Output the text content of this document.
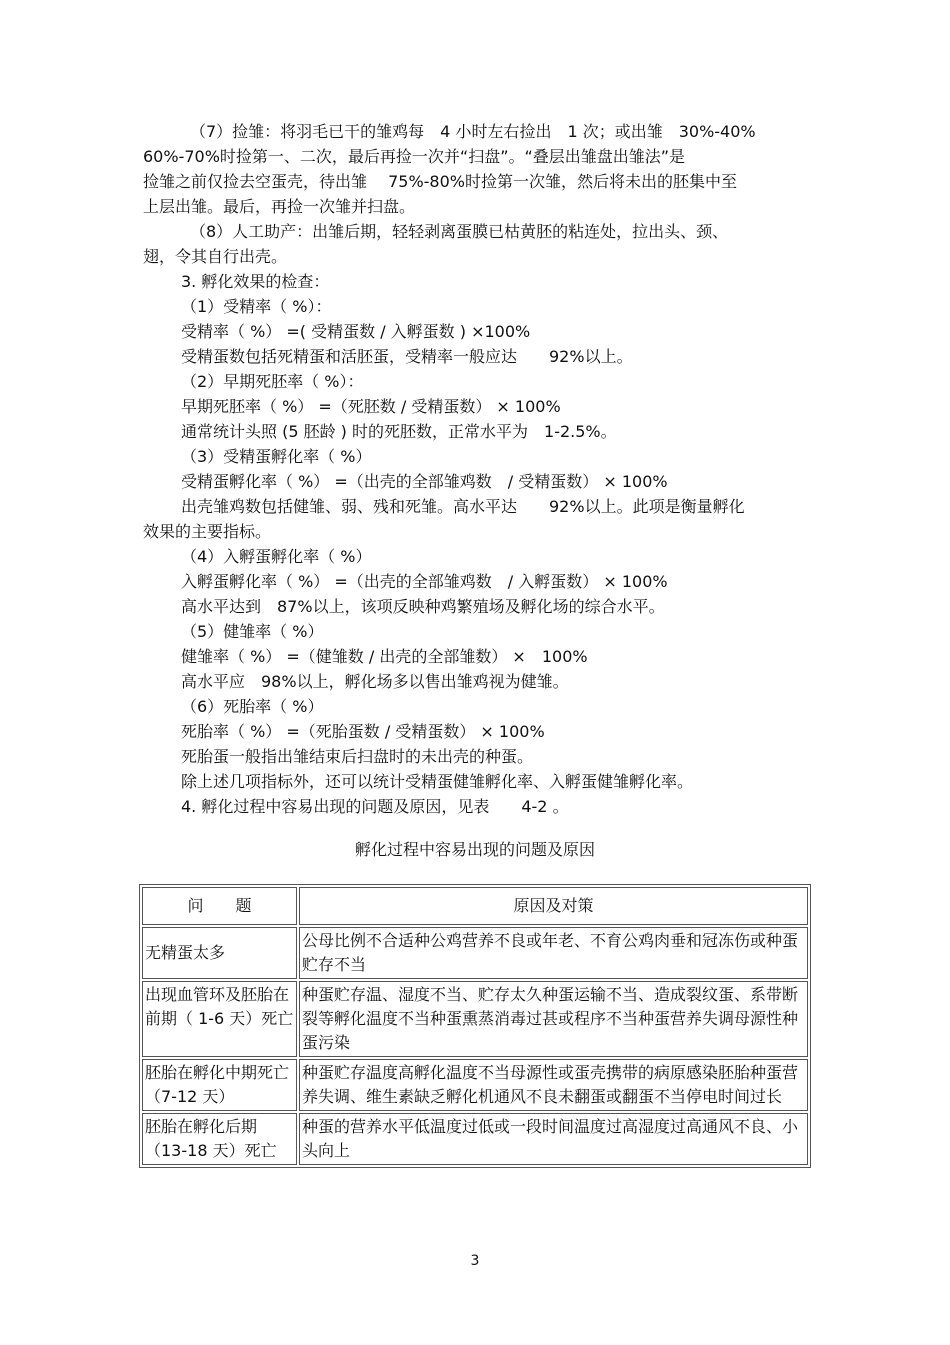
（7）捡雏：将羽毛已干的雏鸡每　4 小时左右捡出　1 次；或出雏　30%-40%
60%-70%时捡第一、二次，最后再捡一次并“扫盘”。“叠层出雏盘出雏法”是
捡雏之前仅捡去空蛋壳，待出雏　 75%-80%时捡第一次雏，然后将未出的胚集中至
上层出雏。最后，再捡一次雏并扫盘。
（8）人工助产：出雏后期，轻轻剥离蛋膜已枯黄胚的粘连处，拉出头、颈、
翅，令其自行出壳。
3. 孵化效果的检查：
（1）受精率（ %）：
受精率（ %） =( 受精蛋数 / 入孵蛋数 ) ×100%
受精蛋数包括死精蛋和活胚蛋，受精率一般应达　　92%以上。
（2）早期死胚率（ %）：
早期死胚率（ %） =（死胚数 / 受精蛋数） × 100%
通常统计头照 (5 胚龄 ) 时的死胚数，正常水平为　1-2.5%。
（3）受精蛋孵化率（ %）
受精蛋孵化率（ %） =（出壳的全部雏鸡数　/ 受精蛋数） × 100%
出壳雏鸡数包括健雏、弱、残和死雏。高水平达　　92%以上。此项是衡量孵化
效果的主要指标。
（4）入孵蛋孵化率（ %）
入孵蛋孵化率（ %） =（出壳的全部雏鸡数　/ 入孵蛋数） × 100%
高水平达到　87%以上，该项反映种鸡繁殖场及孵化场的综合水平。
（5）健雏率（ %）
健雏率（ %） =（健雏数 / 出壳的全部雏数） ×　100%
高水平应　98%以上，孵化场多以售出雏鸡视为健雏。
（6）死胎率（ %）
死胎率（ %） =（死胎蛋数 / 受精蛋数） × 100%
死胎蛋一般指出雏结束后扫盘时的未出壳的种蛋。
除上述几项指标外，还可以统计受精蛋健雏孵化率、入孵蛋健雏孵化率。
4. 孵化过程中容易出现的问题及原因，见表　　4-2 。
孵化过程中容易出现的问题及原因
问　　题	原因及对策
无精蛋太多	公母比例不合适种公鸡营养不良或年老、不育公鸡肉垂和冠冻伤或种蛋贮存不当
出现血管环及胚胎在前期（ 1-6 天）死亡	种蛋贮存温、湿度不当、贮存太久种蛋运输不当、造成裂纹蛋、系带断裂等孵化温度不当种蛋熏蒸消毒过甚或程序不当种蛋营养失调母源性种蛋污染
胚胎在孵化中期死亡（7-12 天）	种蛋贮存温度高孵化温度不当母源性或蛋壳携带的病原感染胚胎种蛋营养失调、维生素缺乏孵化机通风不良未翻蛋或翻蛋不当停电时间过长
胚胎在孵化后期（13-18 天）死亡	种蛋的营养水平低温度过低或一段时间温度过高湿度过高通风不良、小头向上
3
